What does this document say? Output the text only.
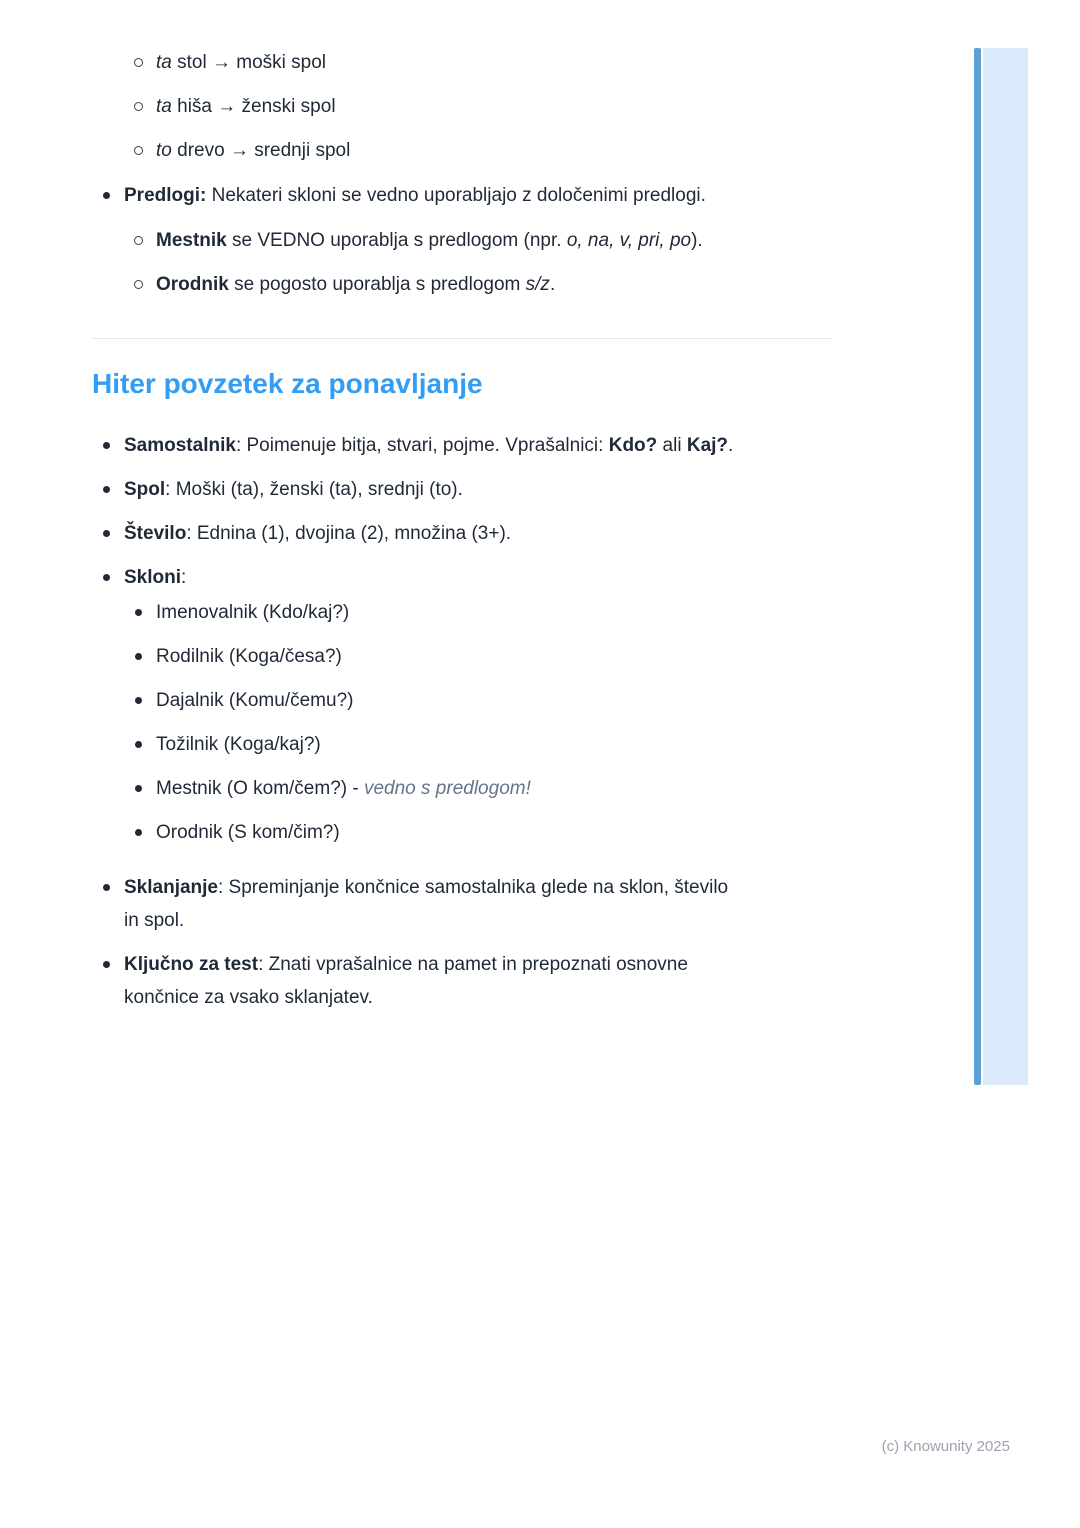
ta stol → moški spol
ta hiša → ženski spol
to drevo → srednji spol
Predlogi: Nekateri skloni se vedno uporabljajo z določenimi predlogi.
Mestnik se VEDNO uporablja s predlogom (npr. o, na, v, pri, po).
Orodnik se pogosto uporablja s predlogom s/z.
Hiter povzetek za ponavljanje
Samostalnik: Poimenuje bitja, stvari, pojme. Vprašalnici: Kdo? ali Kaj?.
Spol: Moški (ta), ženski (ta), srednji (to).
Število: Ednina (1), dvojina (2), množina (3+).
Skloni:
Imenovalnik (Kdo/kaj?)
Rodilnik (Koga/česa?)
Dajalnik (Komu/čemu?)
Tožilnik (Koga/kaj?)
Mestnik (O kom/čem?) - vedno s predlogom!
Orodnik (S kom/čim?)
Sklanjanje: Spreminjanje končnice samostalnika glede na sklon, število
in spol.
Ključno za test: Znati vprašalnice na pamet in prepoznati osnovne
končnice za vsako sklanjatev.
(c) Knowunity 2025
